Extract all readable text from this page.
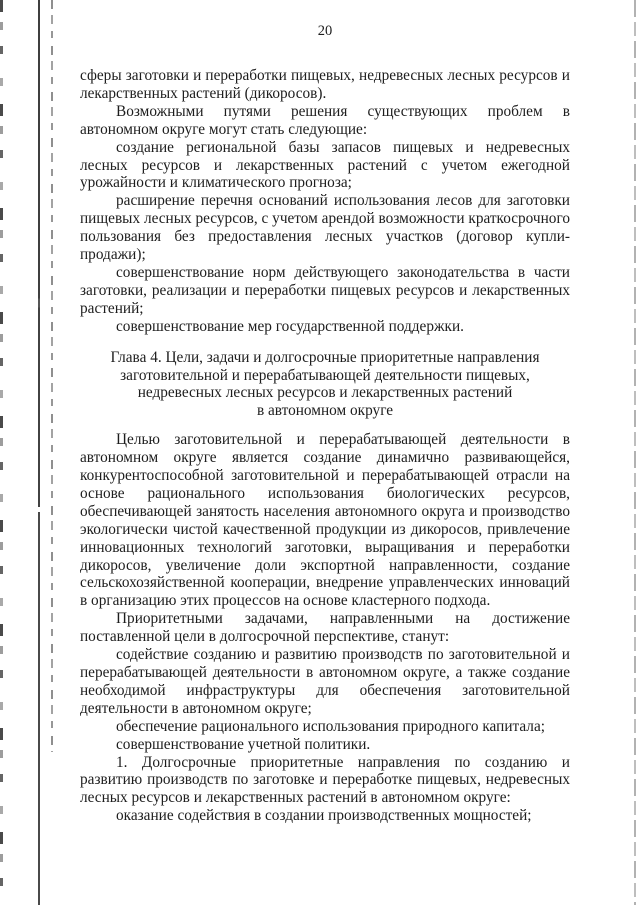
20

сферы заготовки и переработки пищевых, недревесных лесных ресурсов и лекарственных растений (дикоросов).

Возможными путями решения существующих проблем в автономном округе могут стать следующие:

создание региональной базы запасов пищевых и недревесных лесных ресурсов и лекарственных растений с учетом ежегодной урожайности и климатического прогноза;

расширение перечня оснований использования лесов для заготовки пищевых лесных ресурсов, с учетом арендой возможности краткосрочного пользования без предоставления лесных участков (договор купли-продажи);

совершенствование норм действующего законодательства в части заготовки, реализации и переработки пищевых ресурсов и лекарственных растений;

совершенствование мер государственной поддержки.

Глава 4. Цели, задачи и долгосрочные приоритетные направления
заготовительной и перерабатывающей деятельности пищевых,
недревесных лесных ресурсов и лекарственных растений
в автономном округе

Целью заготовительной и перерабатывающей деятельности в автономном округе является создание динамично развивающейся, конкурентоспособной заготовительной и перерабатывающей отрасли на основе рационального использования биологических ресурсов, обеспечивающей занятость населения автономного округа и производство экологически чистой качественной продукции из дикоросов, привлечение инновационных технологий заготовки, выращивания и переработки дикоросов, увеличение доли экспортной направленности, создание сельскохозяйственной кооперации, внедрение управленческих инноваций в организацию этих процессов на основе кластерного подхода.

Приоритетными задачами, направленными на достижение поставленной цели в долгосрочной перспективе, станут:

содействие созданию и развитию производств по заготовительной и перерабатывающей деятельности в автономном округе, а также создание необходимой инфраструктуры для обеспечения заготовительной деятельности в автономном округе;

обеспечение рационального использования природного капитала;

совершенствование учетной политики.

1. Долгосрочные приоритетные направления по созданию и развитию производств по заготовке и переработке пищевых, недревесных лесных ресурсов и лекарственных растений в автономном округе:

оказание содействия в создании производственных мощностей;
